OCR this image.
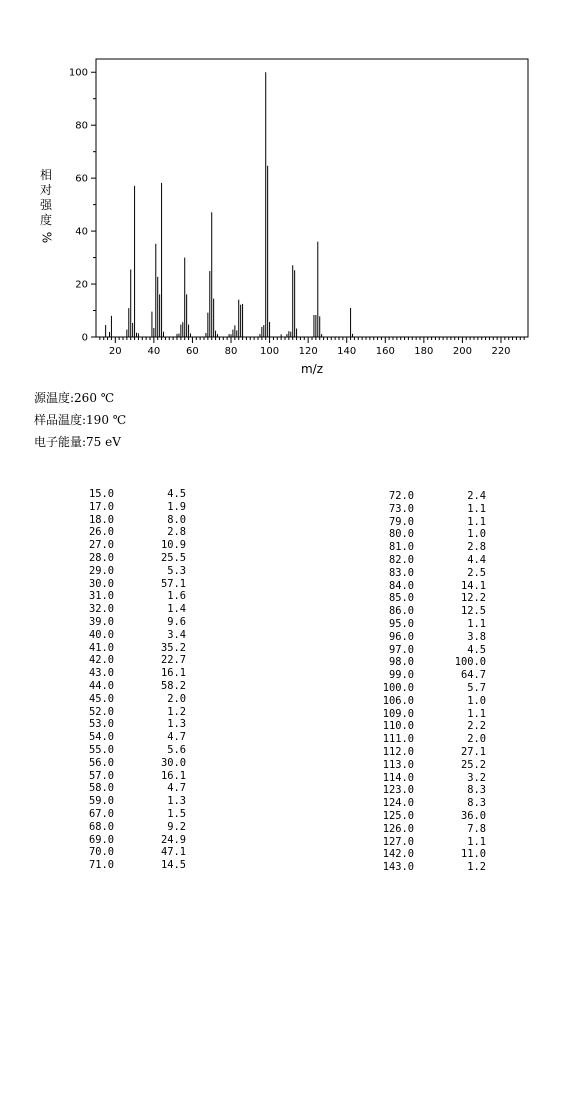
0
20
40
60
80
100
20	40	60	80 100 120 140 160 180 200 220
m/z
相
对
强
度
%
源温度:260 ℃
样品温度:190 ℃
电子能量:75 eV
15.0	4.5
17.0	1.9
18.0	8.0
26.0	2.8
27.0	10.9
28.0	25.5
29.0	5.3
30.0	57.1
31.0	1.6
32.0	1.4
39.0	9.6
40.0	3.4
41.0	35.2
42.0	22.7
43.0	16.1
44.0	58.2
45.0	2.0
52.0	1.2
53.0	1.3
54.0	4.7
55.0	5.6
56.0	30.0
57.0	16.1
58.0	4.7
59.0	1.3
67.0	1.5
68.0	9.2
69.0	24.9
70.0	47.1
71.0	14.5
72.0	2.4
73.0	1.1
79.0	1.1
80.0	1.0
81.0	2.8
82.0	4.4
83.0	2.5
84.0	14.1
85.0	12.2
86.0	12.5
95.0	1.1
96.0	3.8
97.0	4.5
98.0	100.0
99.0	64.7
100.0	5.7
106.0	1.0
109.0	1.1
110.0	2.2
111.0	2.0
112.0	27.1
113.0	25.2
114.0	3.2
123.0	8.3
124.0	8.3
125.0	36.0
126.0	7.8
127.0	1.1
142.0	11.0
143.0	1.2
